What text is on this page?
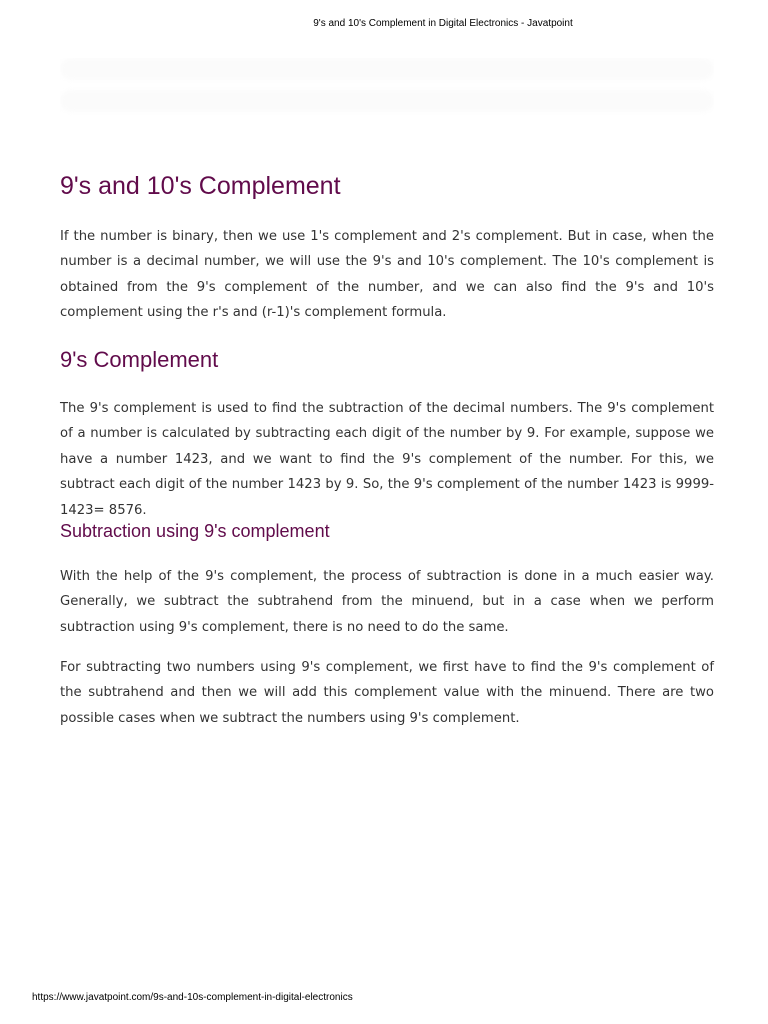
9's and 10's Complement in Digital Electronics - Javatpoint
9's and 10's Complement

If the number is binary, then we use 1's complement and 2's complement. But in case, when the number is a decimal number, we will use the 9's and 10's complement. The 10's complement is obtained from the 9's complement of the number, and we can also find the 9's and 10's complement using the r's and (r-1)'s complement formula.

9's Complement

The 9's complement is used to find the subtraction of the decimal numbers. The 9's complement of a number is calculated by subtracting each digit of the number by 9. For example, suppose we have a number 1423, and we want to find the 9's complement of the number. For this, we subtract each digit of the number 1423 by 9. So, the 9's complement of the number 1423 is 9999-1423= 8576.

Subtraction using 9's complement

With the help of the 9's complement, the process of subtraction is done in a much easier way. Generally, we subtract the subtrahend from the minuend, but in a case when we perform subtraction using 9's complement, there is no need to do the same.

For subtracting two numbers using 9's complement, we first have to find the 9's complement of the subtrahend and then we will add this complement value with the minuend. There are two possible cases when we subtract the numbers using 9's complement.

https://www.javatpoint.com/9s-and-10s-complement-in-digital-electronics
